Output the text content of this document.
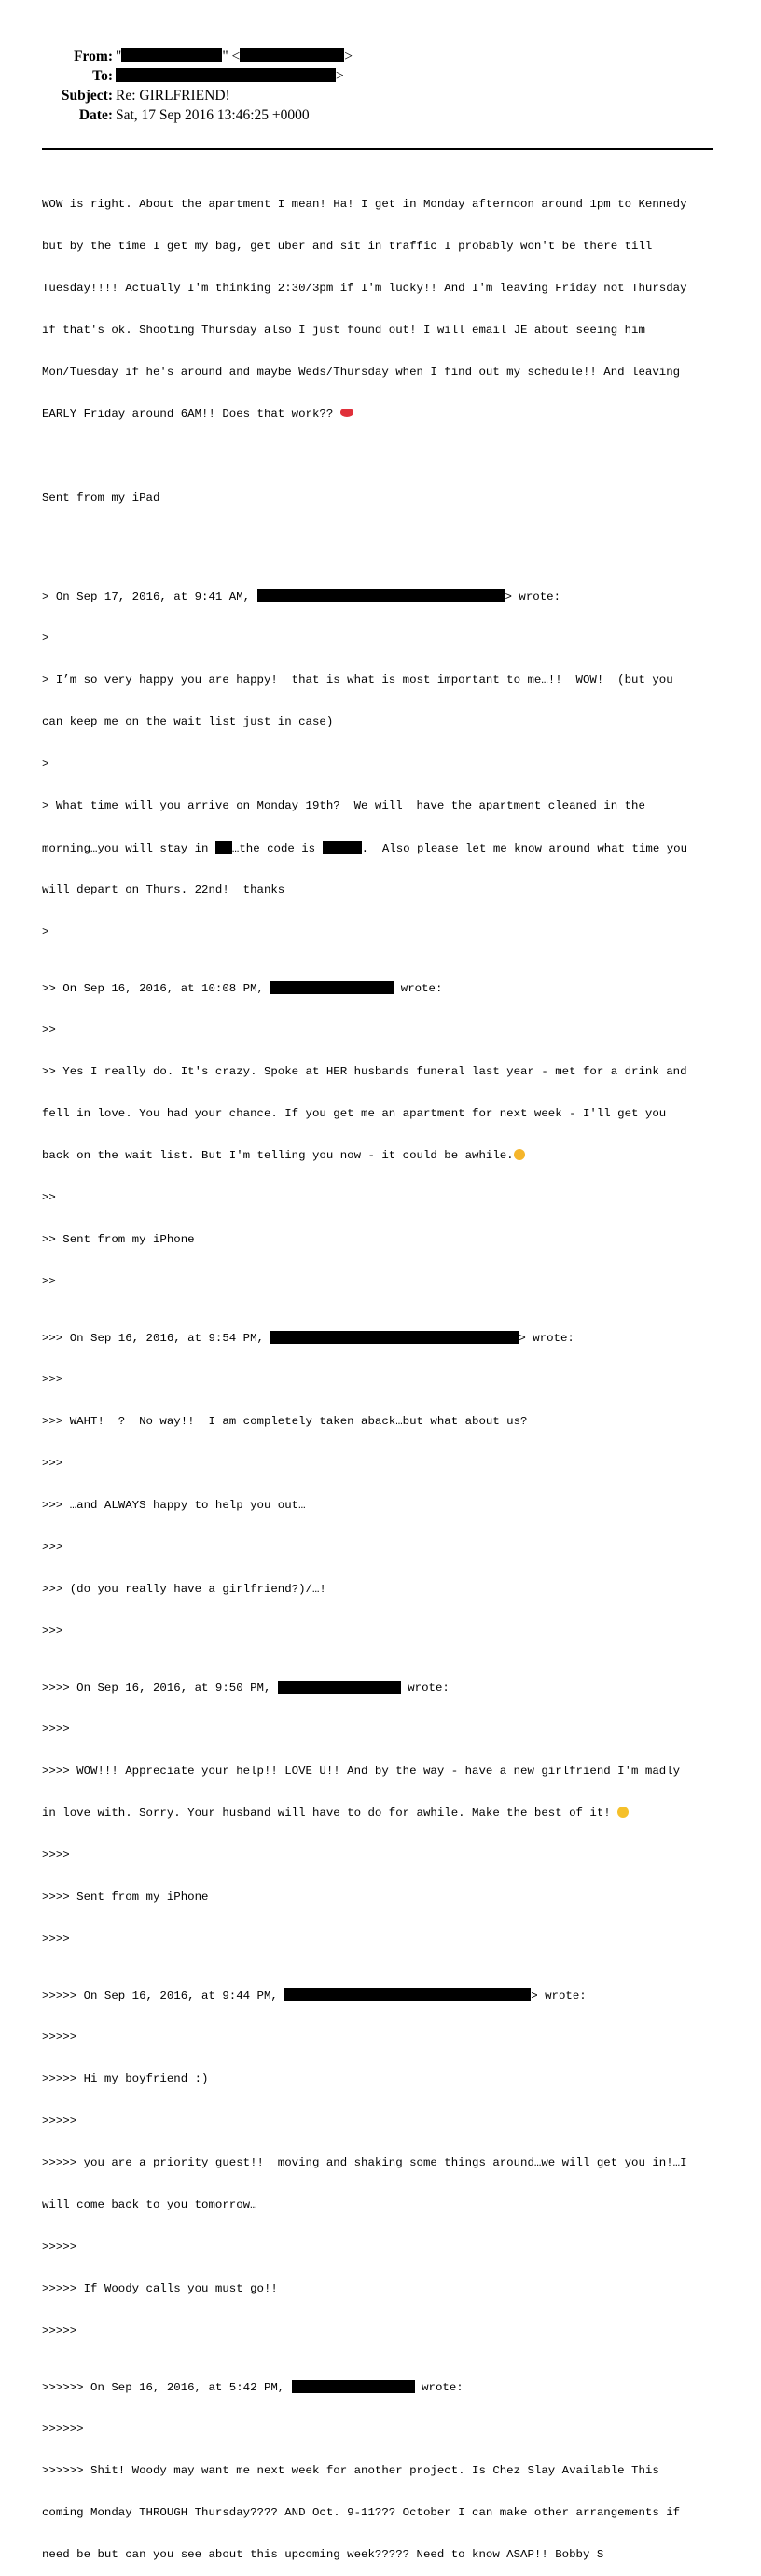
From: "	" <	>
To:	>
Subject: Re: GIRLFRIEND!
Date: Sat, 17 Sep 2016 13:46:25 +0000

WOW is right. About the apartment I mean! Ha! I get in Monday afternoon around 1pm to Kennedy

but by the time I get my bag, get uber and sit in traffic I probably won't be there till

Tuesday!!!! Actually I'm thinking 2:30/3pm if I'm lucky!! And I'm leaving Friday not Thursday

if that's ok. Shooting Thursday also I just found out! I will email JE about seeing him

Mon/Tuesday if he's around and maybe Weds/Thursday when I find out my schedule!! And leaving

EARLY Friday around 6AM!! Does that work??

Sent from my iPad

> On Sep 17, 2016, at 9:41 AM,	> wrote:

>

> I’m so very happy you are happy!  that is what is most important to me…!!  WOW!  (but you

can keep me on the wait list just in case)

>

> What time will you arrive on Monday 19th?  We will  have the apartment cleaned in the

morning…you will stay in …the code is	.  Also please let me know around what time you

will depart on Thurs. 22nd!  thanks

>

>> On Sep 16, 2016, at 10:08 PM,	wrote:

>>

>> Yes I really do. It's crazy. Spoke at HER husbands funeral last year - met for a drink and

fell in love. You had your chance. If you get me an apartment for next week - I'll get you

back on the wait list. But I'm telling you now - it could be awhile.

>>

>> Sent from my iPhone

>>

>>> On Sep 16, 2016, at 9:54 PM,	> wrote:

>>>

>>> WAHT!  ?  No way!!  I am completely taken aback…but what about us?

>>>

>>> …and ALWAYS happy to help you out…

>>>

>>> (do you really have a girlfriend?)/…!

>>>

>>>> On Sep 16, 2016, at 9:50 PM,	wrote:

>>>>

>>>> WOW!!! Appreciate your help!! LOVE U!! And by the way - have a new girlfriend I'm madly

in love with. Sorry. Your husband will have to do for awhile. Make the best of it!

>>>>

>>>> Sent from my iPhone

>>>>

>>>>> On Sep 16, 2016, at 9:44 PM,	> wrote:

>>>>>

>>>>> Hi my boyfriend :)

>>>>>

>>>>> you are a priority guest!!  moving and shaking some things around…we will get you in!…I

will come back to you tomorrow…

>>>>>

>>>>> If Woody calls you must go!!

>>>>>

>>>>>> On Sep 16, 2016, at 5:42 PM,	wrote:

>>>>>>

>>>>>> Shit! Woody may want me next week for another project. Is Chez Slay Available This

coming Monday THROUGH Thursday???? AND Oct. 9-11??? October I can make other arrangements if

need be but can you see about this upcoming week????? Need to know ASAP!! Bobby S
